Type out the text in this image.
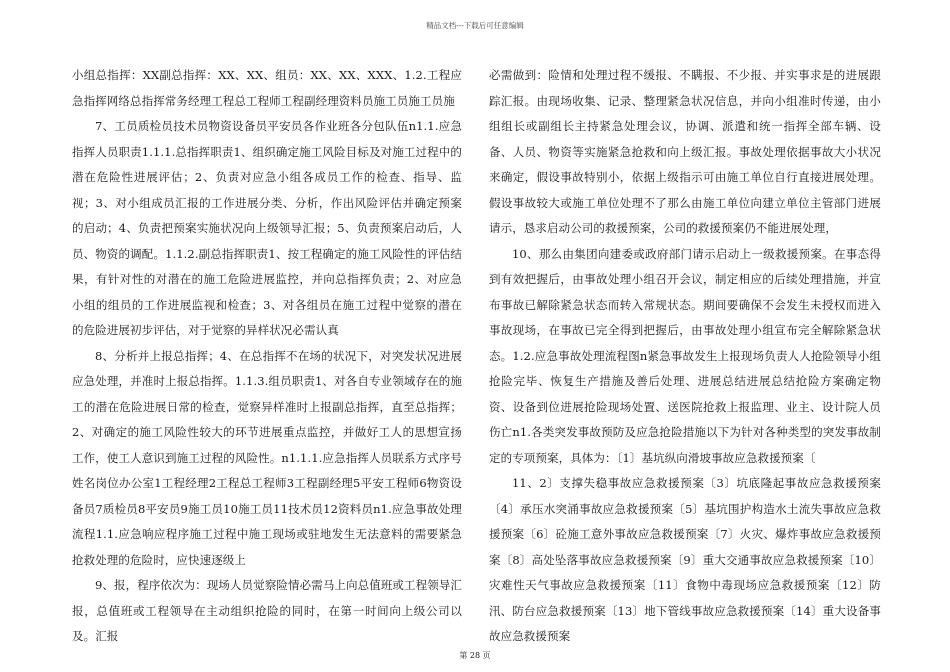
精品文档---下载后可任意编辑

小组总指挥：XX副总指挥：XX、XX、组员：XX、XX、XXX、1.2.工程应急指挥网络总指挥常务经理工程总工程师工程副经理资料员施工员施工员施

7、工员质检员技术员物资设备员平安员各作业班各分包队伍n1.1.应急指挥人员职责1.1.1.总指挥职责1、组织确定施工风险目标及对施工过程中的潜在危险性进展评估；2、负责对应急小组各成员工作的检查、指导、监视；3、对小组成员汇报的工作进展分类、分析，作出风险评估并确定预案的启动；4、负责把预案实施状况向上级领导汇报；5、负责预案启动后，人员、物资的调配。1.1.2.副总指挥职责1、按工程确定的施工风险性的评估结果，有针对性的对潜在的施工危险进展监控，并向总指挥负责；2、对应急小组的组员的工作进展监视和检查；3、对各组员在施工过程中觉察的潜在的危险进展初步评估，对于觉察的异样状况必需认真

8、分析并上报总指挥；4、在总指挥不在场的状况下，对突发状况进展应急处理，并准时上报总指挥。1.1.3.组员职责1、对各自专业领域存在的施工的潜在危险进展日常的检查，觉察异样准时上报副总指挥，直至总指挥；2、对确定的施工风险性较大的环节进展重点监控，并做好工人的思想宣扬工作，使工人意识到施工过程的风险性。n1.1.1.应急指挥人员联系方式序号姓名岗位办公室1工程经理2工程总工程师3工程副经理5平安工程师6物资设备员7质检员8平安员9施工员10施工员11技术员12资料员n1.应急事故处理流程1.1.应急响应程序施工过程中施工现场或驻地发生无法意料的需要紧急抢救处理的危险时，应快速逐级上

9、报，程序依次为：现场人员觉察险情必需马上向总值班或工程领导汇报，总值班或工程领导在主动组织抢险的同时，在第一时间向上级公司以及。汇报

必需做到：险情和处理过程不缓报、不瞒报、不少报、并实事求是的进展跟踪汇报。由现场收集、记录、整理紧急状况信息，并向小组准时传递，由小组组长或副组长主持紧急处理会议，协调、派遣和统一指挥全部车辆、设备、人员、物资等实施紧急抢救和向上级汇报。事故处理依据事故大小状况来确定，假设事故特别小，依据上级指示可由施工单位自行直接进展处理。假设事故较大或施工单位处理不了那么由施工单位向建立单位主管部门进展请示，恳求启动公司的救援预案，公司的救援预案仍不能进展处理，

10、那么由集团向建委或政府部门请示启动上一级救援预案。在事态得到有效把握后，由事故处理小组召开会议，制定相应的后续处理措施，并宣布事故已解除紧急状态而转入常规状态。期间要确保不会发生未授权而进入事故现场，在事故已完全得到把握后，由事故处理小组宣布完全解除紧急状态。1.2.应急事故处理流程图n紧急事故发生上报现场负责人人抢险领导小组抢险完毕、恢复生产措施及善后处理、进展总结进展总结抢险方案确定物资、设备到位进展抢险现场处置、送医院抢救上报监理、业主、设计院人员伤亡n1.各类突发事故预防及应急抢险措施以下为针对各种类型的突发事故制定的专项预案，具体为：〔1〕基坑纵向滑坡事故应急救援预案〔

11、2〕支撑失稳事故应急救援预案〔3〕坑底隆起事故应急救援预案〔4〕承压水突涌事故应急救援预案〔5〕基坑围护构造水土流失事故应急救援预案〔6〕砼施工意外事故应急救援预案〔7〕火灾、爆炸事故应急救援预案〔8〕高处坠落事故应急救援预案〔9〕重大交通事故应急救援预案〔10〕灾难性天气事故应急救援预案〔11〕食物中毒现场应急救援预案〔12〕防汛、防台应急救援预案〔13〕地下管线事故应急救援预案〔14〕重大设备事故应急救援预案

第 28 页
